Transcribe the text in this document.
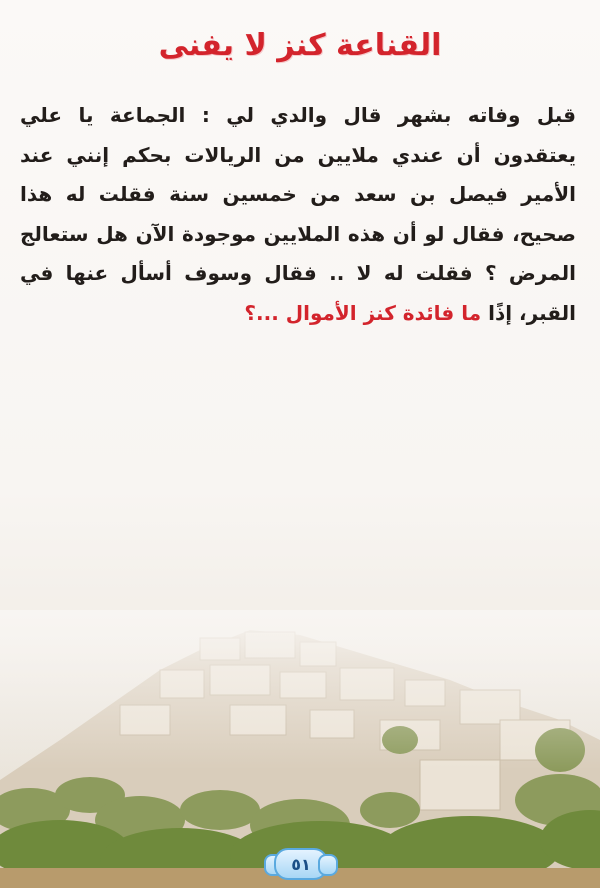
القناعة كنز لا يفنى
قبل وفاته بشهر قال والدي لي : الجماعة يا علي يعتقدون أن عندي ملايين من الريالات بحكم إنني عند الأمير فيصل بن سعد من خمسين سنة فقلت له هذا صحيح، فقال لو أن هذه الملايين موجودة الآن هل ستعالج المرض ؟ فقلت له لا .. فقال وسوف أسأل عنها في القبر، إذًا ما فائدة كنز الأموال ...؟
٥١
